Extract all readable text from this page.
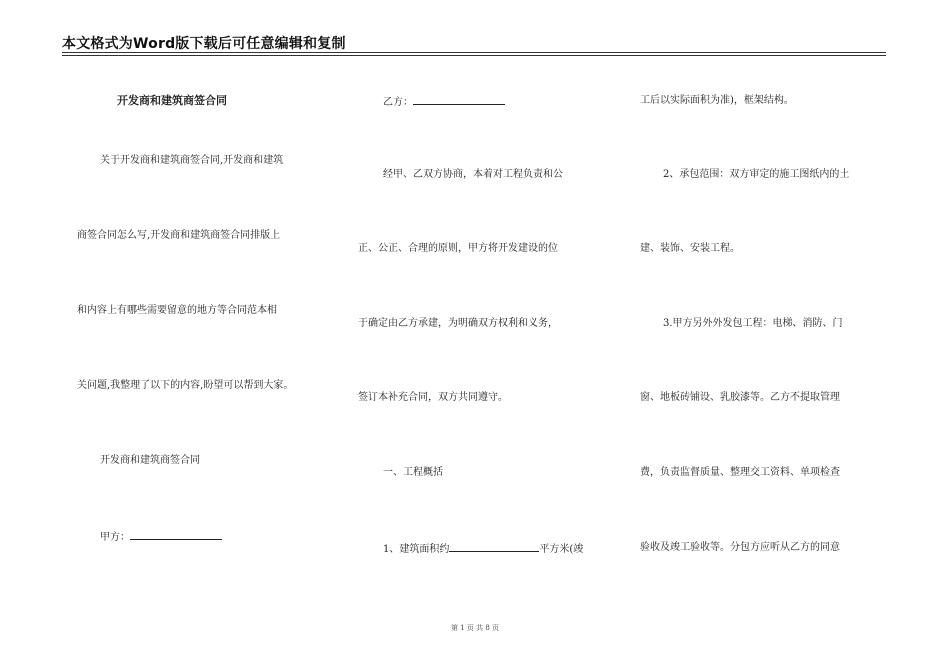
本文格式为Word版下载后可任意编辑和复制
开发商和建筑商签合同
关于开发商和建筑商签合同,开发商和建筑
商签合同怎么写,开发商和建筑商签合同排版上
和内容上有哪些需要留意的地方等合同范本相
关问题,我整理了以下的内容,盼望可以帮到大家。
开发商和建筑商签合同
甲方：
乙方：
经甲、乙双方协商，本着对工程负责和公
正、公正、合理的原则，甲方将开发建设的位
于确定由乙方承建，为明确双方权利和义务，
签订本补充合同，双方共同遵守。
一、工程概括
1、建筑面积约	平方米(竣
工后以实际面积为准)，框架结构。
2、承包范围：双方审定的施工图纸内的土
建、装饰、安装工程。
3.甲方另外外发包工程：电梯、消防、门
窗、地板砖铺设、乳胶漆等。乙方不提取管理
费，负责监督质量、整理交工资料、单项检查
验收及竣工验收等。分包方应听从乙方的同意
第 1 页 共 8 页
